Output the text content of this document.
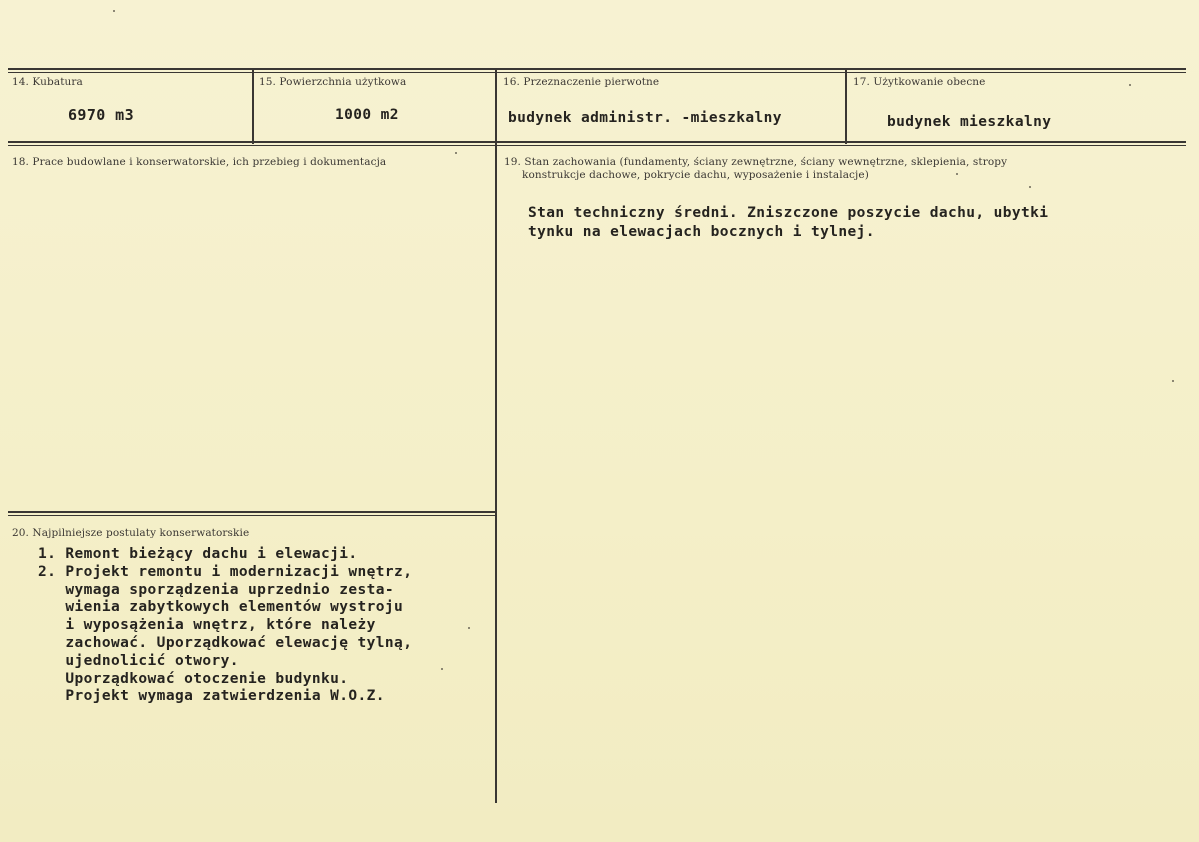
14. Kubatura
6970 m3
15. Powierzchnia użytkowa
1000 m2
16. Przeznaczenie pierwotne
budynek administr. -mieszkalny
17. Użytkowanie obecne
budynek mieszkalny
18. Prace budowlane i konserwatorskie, ich przebieg i dokumentacja	19. Stan zachowania (fundamenty, ściany zewnętrzne, ściany wewnętrzne, sklepienia, stropy
konstrukcje dachowe, pokrycie dachu, wyposażenie i instalacje)
Stan techniczny średni. Zniszczone poszycie dachu, ubytki
tynku na elewacjach bocznych i tylnej.
20. Najpilniejsze postulaty konserwatorskie
1. Remont bieżący dachu i elewacji.
2. Projekt remontu i modernizacji wnętrz,
wymaga sporządzenia uprzednio zesta-
wienia zabytkowych elementów wystroju
i wyposążenia wnętrz, które należy
zachować. Uporządkować elewację tylną,
ujednolicić otwory.
Uporządkować otoczenie budynku.
Projekt wymaga zatwierdzenia W.O.Z.
